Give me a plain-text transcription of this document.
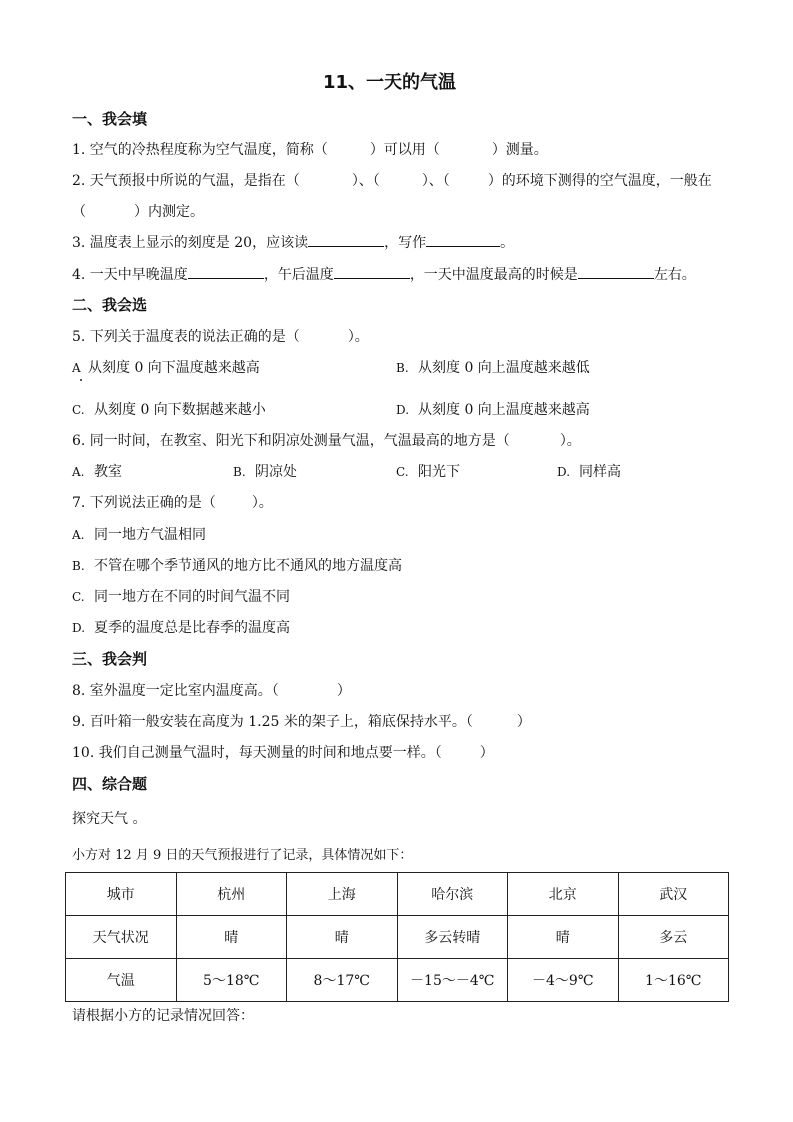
11、一天的气温
一、我会填
1. 空气的冷热程度称为空气温度，简称（	）可以用（	）测量。
2. 天气预报中所说的气温，是指在（	）、（	）、（	）的环境下测得的空气温度，一般在
（	）内测定。
3. 温度表上显示的刻度是 20，应该读	，写作	。
4. 一天中早晚温度	，午后温度	，一天中温度最高的时候是	左右。
二、我会选
5. 下列关于温度表的说法正确的是（	）。
A 从刻度 0 向下温度越来越高	B. 从刻度 0 向上温度越来越低
C. 从刻度 0 向下数据越来越小	D. 从刻度 0 向上温度越来越高
6. 同一时间，在教室、阳光下和阴凉处测量气温，气温最高的地方是（	）。
A. 教室	B. 阴凉处	C. 阳光下	D. 同样高
7. 下列说法正确的是（	）。
A. 同一地方气温相同
B. 不管在哪个季节通风的地方比不通风的地方温度高
C. 同一地方在不同的时间气温不同
D. 夏季的温度总是比春季的温度高
三、我会判
8. 室外温度一定比室内温度高。（	）
9. 百叶箱一般安装在高度为 1.25 米的架子上，箱底保持水平。（	）
10. 我们自己测量气温时，每天测量的时间和地点要一样。（	）
四、综合题
探究天气 。
小方对 12 月 9 日的天气预报进行了记录，具体情况如下：
城市	杭州	上海	哈尔滨	北京	武汉
天气状况	晴	晴	多云转晴	晴	多云
气温	5～18℃	8～17℃	－15～－4℃	－4～9℃	1～16℃
请根据小方的记录情况回答：
